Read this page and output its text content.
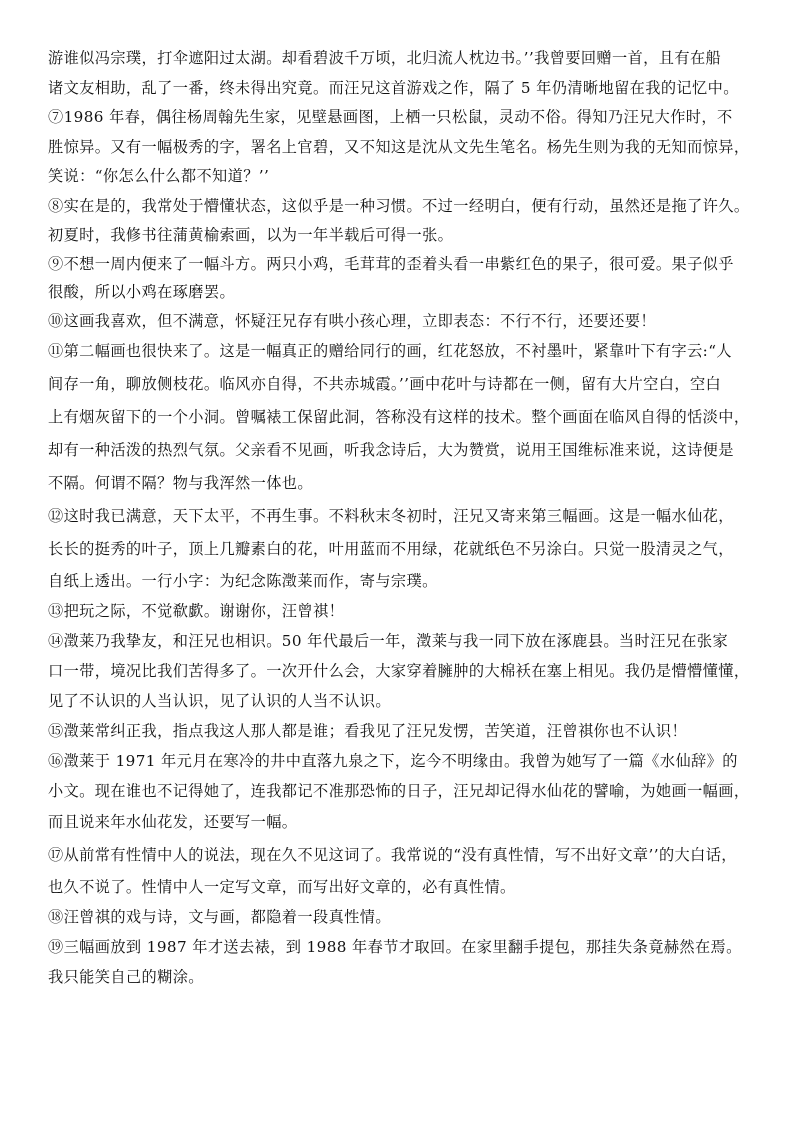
游谁似冯宗璞，打伞遮阳过太湖。却看碧波千万顷，北归流人枕边书。’’我曾要回赠一首，且有在船

诸文友相助，乱了一番，终未得出究竟。而汪兄这首游戏之作，隔了 5 年仍清晰地留在我的记忆中。

⑦1986 年春，偶往杨周翰先生家，见壁悬画图，上栖一只松鼠，灵动不俗。得知乃汪兄大作时，不

胜惊异。又有一幅极秀的字，署名上官碧，又不知这是沈从文先生笔名。杨先生则为我的无知而惊异，

笑说：“你怎么什么都不知道？’’

⑧实在是的，我常处于懵懂状态，这似乎是一种习惯。不过一经明白，便有行动，虽然还是拖了许久。

初夏时，我修书往蒲黄榆索画，以为一年半载后可得一张。

⑨不想一周内便来了一幅斗方。两只小鸡，毛茸茸的歪着头看一串紫红色的果子，很可爱。果子似乎

很酸，所以小鸡在琢磨罢。

⑩这画我喜欢，但不满意，怀疑汪兄存有哄小孩心理，立即表态：不行不行，还要还要！

⑪第二幅画也很快来了。这是一幅真正的赠给同行的画，红花怒放，不衬墨叶，紧靠叶下有字云:“人

间存一角，聊放侧枝花。临风亦自得，不共赤城霞。’’画中花叶与诗都在一侧，留有大片空白，空白

上有烟灰留下的一个小洞。曾嘱裱工保留此洞，答称没有这样的技术。整个画面在临风自得的恬淡中，

却有一种活泼的热烈气氛。父亲看不见画，听我念诗后，大为赞赏，说用王国维标准来说，这诗便是

不隔。何谓不隔？物与我浑然一体也。

⑫这时我已满意，天下太平，不再生事。不料秋末冬初时，汪兄又寄来第三幅画。这是一幅水仙花，

长长的挺秀的叶子，顶上几瓣素白的花，叶用蓝而不用绿，花就纸色不另涂白。只觉一股清灵之气，

自纸上透出。一行小字：为纪念陈澂莱而作，寄与宗璞。

⑬把玩之际，不觉欷歔。谢谢你，汪曾祺！

⑭澂莱乃我挚友，和汪兄也相识。50 年代最后一年，澂莱与我一同下放在涿鹿县。当时汪兄在张家

口一带，境况比我们苦得多了。一次开什么会，大家穿着臃肿的大棉袄在塞上相见。我仍是懵懵懂懂，

见了不认识的人当认识，见了认识的人当不认识。

⑮澂莱常纠正我，指点我这人那人都是谁；看我见了汪兄发愣，苦笑道，汪曾祺你也不认识！

⑯澂莱于 1971 年元月在寒冷的井中直落九泉之下，迄今不明缘由。我曾为她写了一篇《水仙辞》的

小文。现在谁也不记得她了，连我都记不准那恐怖的日子，汪兄却记得水仙花的譬喻，为她画一幅画，

而且说来年水仙花发，还要写一幅。

⑰从前常有性情中人的说法，现在久不见这词了。我常说的“没有真性情，写不出好文章’’的大白话，

也久不说了。性情中人一定写文章，而写出好文章的，必有真性情。

⑱汪曾祺的戏与诗，文与画，都隐着一段真性情。

⑲三幅画放到 1987 年才送去裱，到 1988 年春节才取回。在家里翻手提包，那挂失条竟赫然在焉。

我只能笑自己的糊涂。
